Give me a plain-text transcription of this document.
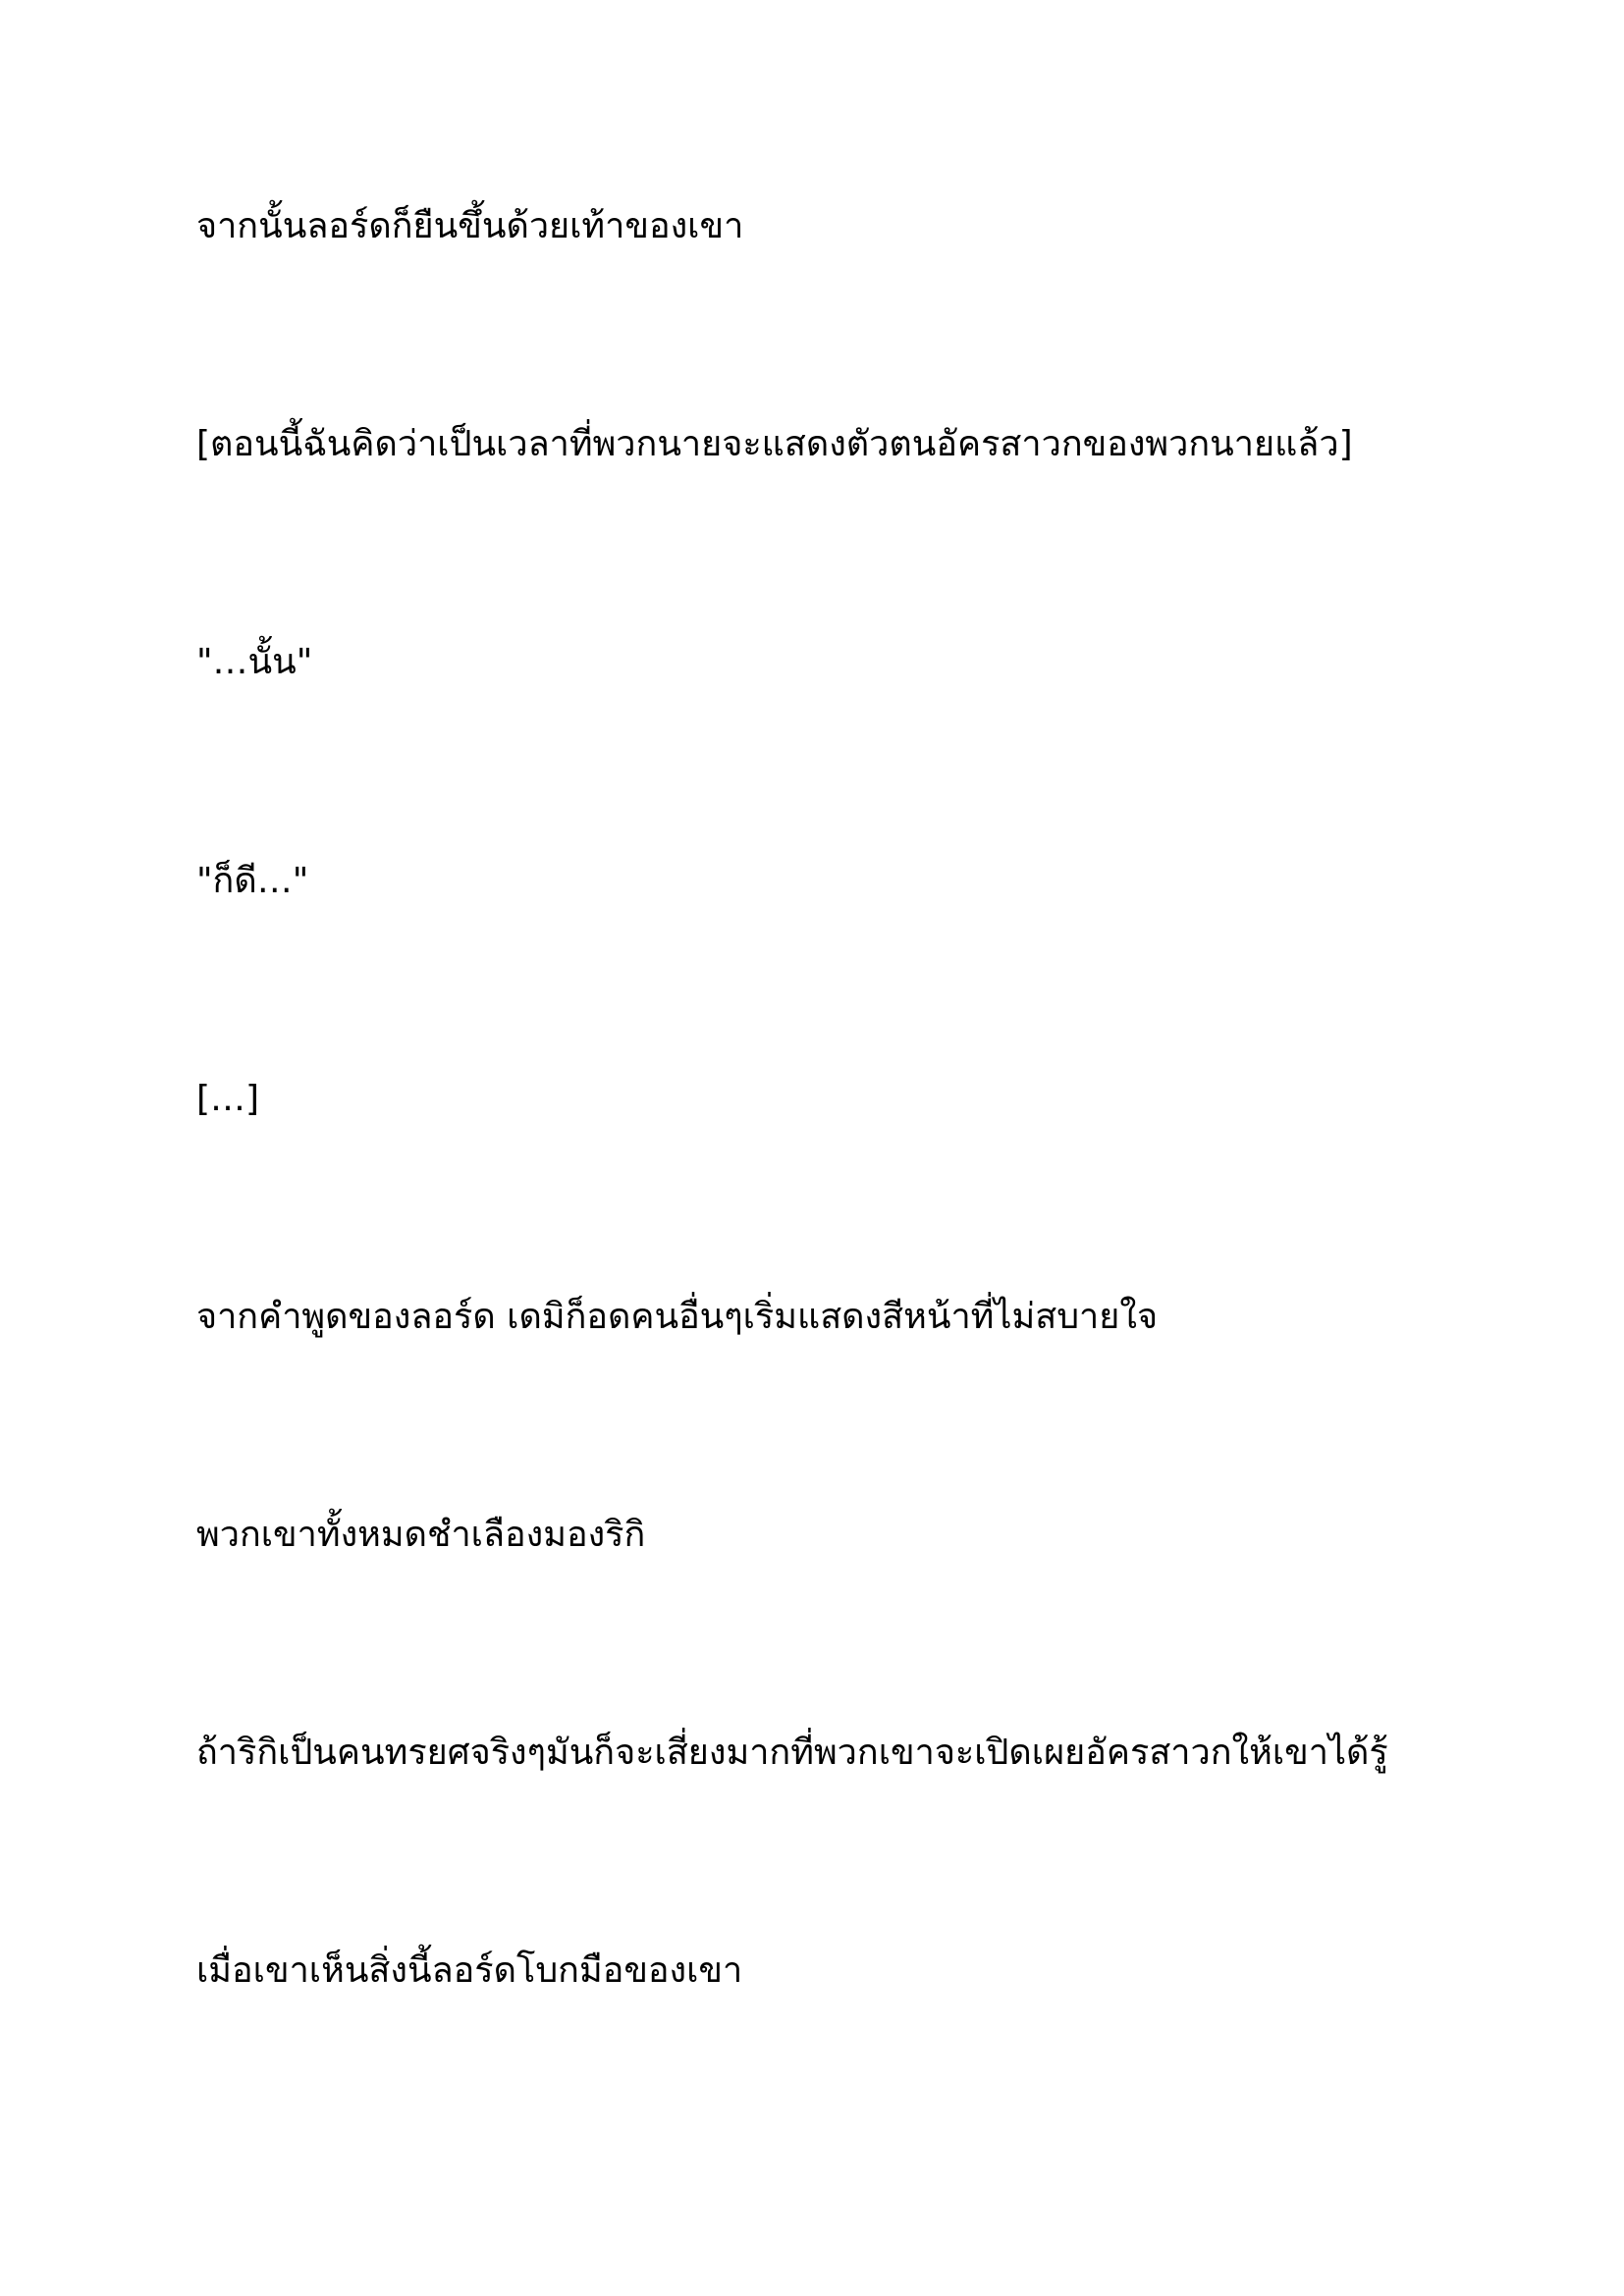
จากนั้นลอร์ดก็ยืนขึ้นด้วยเท้าของเขา

[ตอนนี้ฉันคิดว่าเป็นเวลาที่พวกนายจะแสดงตัวตนอัครสาวกของพวกนายแล้ว]

"…นั้น"

"ก็ดี…"

[…]

จากคำพูดของลอร์ด เดมิก็อดคนอื่นๆเริ่มแสดงสีหน้าที่ไม่สบายใจ

พวกเขาทั้งหมดชำเลืองมองริกิ

ถ้าริกิเป็นคนทรยศจริงๆมันก็จะเสี่ยงมากที่พวกเขาจะเปิดเผยอัครสาวกให้เขาได้รู้

เมื่อเขาเห็นสิ่งนี้ลอร์ดโบกมือของเขา
